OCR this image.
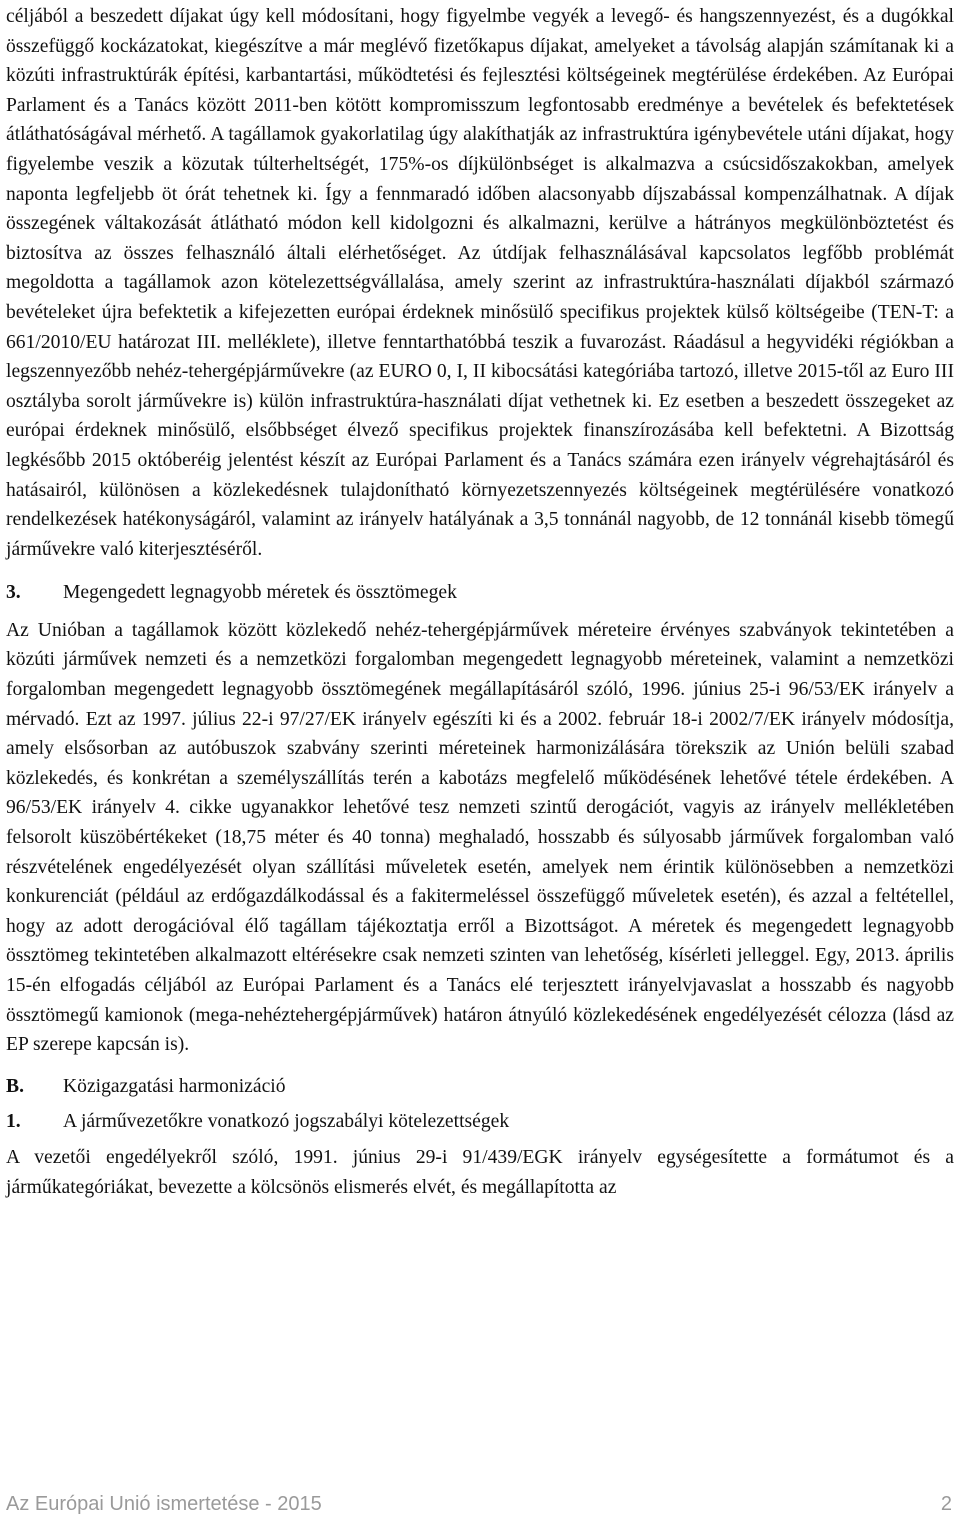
céljából a beszedett díjakat úgy kell módosítani, hogy figyelmbe vegyék a levegő- és hangszennyezést, és a dugókkal összefüggő kockázatokat, kiegészítve a már meglévő fizetőkapus díjakat, amelyeket a távolság alapján számítanak ki a közúti infrastruktúrák építési, karbantartási, működtetési és fejlesztési költségeinek megtérülése érdekében. Az Európai Parlament és a Tanács között 2011-ben kötött kompromisszum legfontosabb eredménye a bevételek és befektetések átláthatóságával mérhető. A tagállamok gyakorlatilag úgy alakíthatják az infrastruktúra igénybevétele utáni díjakat, hogy figyelembe veszik a közutak túlterheltségét, 175%-os díjkülönbséget is alkalmazva a csúcsidőszakokban, amelyek naponta legfeljebb öt órát tehetnek ki. Így a fennmaradó időben alacsonyabb díjszabással kompenzálhatnak. A díjak összegének váltakozását átlátható módon kell kidolgozni és alkalmazni, kerülve a hátrányos megkülönböztetést és biztosítva az összes felhasználó általi elérhetőséget. Az útdíjak felhasználásával kapcsolatos legfőbb problémát megoldotta a tagállamok azon kötelezettségvállalása, amely szerint az infrastruktúra-használati díjakból származó bevételeket újra befektetik a kifejezetten európai érdeknek minősülő specifikus projektek külső költségeibe (TEN-T: a 661/2010/EU határozat III. melléklete), illetve fenntarthatóbbá teszik a fuvarozást. Ráadásul a hegyvidéki régiókban a legszennyezőbb nehéz-tehergépjárművekre (az EURO 0, I, II kibocsátási kategóriába tartozó, illetve 2015-től az Euro III osztályba sorolt járművekre is) külön infrastruktúra-használati díjat vethetnek ki. Ez esetben a beszedett összegeket az európai érdeknek minősülő, elsőbbséget élvező specifikus projektek finanszírozásába kell befektetni. A Bizottság legkésőbb 2015 októberéig jelentést készít az Európai Parlament és a Tanács számára ezen irányelv végrehajtásáról és hatásairól, különösen a közlekedésnek tulajdonítható környezetszennyezés költségeinek megtérülésére vonatkozó rendelkezések hatékonyságáról, valamint az irányelv hatályának a 3,5 tonnánál nagyobb, de 12 tonnánál kisebb tömegű járművekre való kiterjesztéséről.

3.	Megengedett legnagyobb méretek és össztömegek

Az Unióban a tagállamok között közlekedő nehéz-tehergépjárművek méreteire érvényes szabványok tekintetében a közúti járművek nemzeti és a nemzetközi forgalomban megengedett legnagyobb méreteinek, valamint a nemzetközi forgalomban megengedett legnagyobb össztömegének megállapításáról szóló, 1996. június 25-i 96/53/EK irányelv a mérvadó. Ezt az 1997. július 22-i 97/27/EK irányelv egészíti ki és a 2002. február 18-i 2002/7/EK irányelv módosítja, amely elsősorban az autóbuszok szabvány szerinti méreteinek harmonizálására törekszik az Unión belüli szabad közlekedés, és konkrétan a személyszállítás terén a kabotázs megfelelő működésének lehetővé tétele érdekében. A 96/53/EK irányelv 4. cikke ugyanakkor lehetővé tesz nemzeti szintű derogációt, vagyis az irányelv mellékletében felsorolt küszöbértékeket (18,75 méter és 40 tonna) meghaladó, hosszabb és súlyosabb járművek forgalomban való részvételének engedélyezését olyan szállítási műveletek esetén, amelyek nem érintik különösebben a nemzetközi konkurenciát (például az erdőgazdálkodással és a fakitermeléssel összefüggő műveletek esetén), és azzal a feltétellel, hogy az adott derogációval élő tagállam tájékoztatja erről a Bizottságot. A méretek és megengedett legnagyobb össztömeg tekintetében alkalmazott eltérésekre csak nemzeti szinten van lehetőség, kísérleti jelleggel. Egy, 2013. április 15-én elfogadás céljából az Európai Parlament és a Tanács elé terjesztett irányelvjavaslat a hosszabb és nagyobb össztömegű kamionok (mega-nehéztehergépjárművek) határon átnyúló közlekedésének engedélyezését célozza (lásd az EP szerepe kapcsán is).

B.	Közigazgatási harmonizáció
1.	A járművezetőkre vonatkozó jogszabályi kötelezettségek

A vezetői engedélyekről szóló, 1991. június 29-i 91/439/EGK irányelv egységesítette a formátumot és a járműkategóriákat, bevezette a kölcsönös elismerés elvét, és megállapította az

Az Európai Unió ismertetése - 2015	2
